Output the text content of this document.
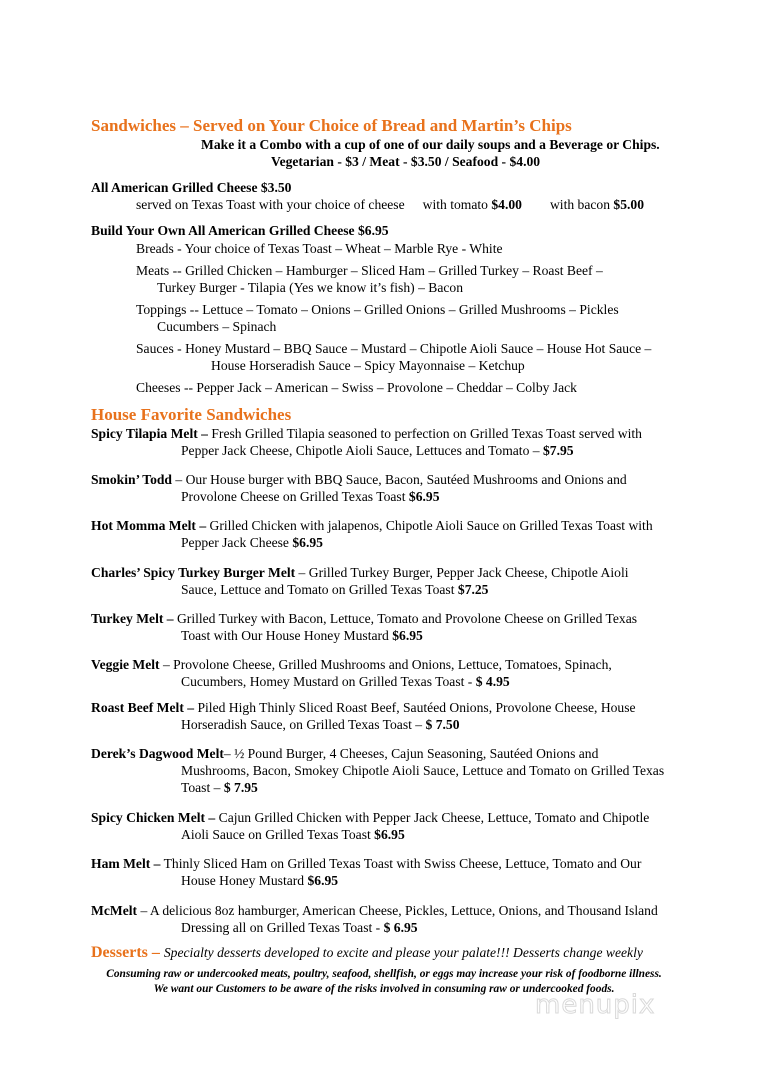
Sandwiches – Served on Your Choice of Bread and Martin’s Chips
Make it a Combo with a cup of one of our daily soups and a Beverage or Chips.
Vegetarian - $3 / Meat - $3.50 / Seafood - $4.00
All American Grilled Cheese $3.50
served on Texas Toast with your choice of cheese with tomato $4.00 with bacon $5.00
Build Your Own All American Grilled Cheese $6.95
Breads - Your choice of Texas Toast – Wheat – Marble Rye - White
Meats -- Grilled Chicken – Hamburger – Sliced Ham – Grilled Turkey – Roast Beef –
Turkey Burger - Tilapia (Yes we know it’s fish) – Bacon
Toppings -- Lettuce – Tomato – Onions – Grilled Onions – Grilled Mushrooms – Pickles
Cucumbers – Spinach
Sauces - Honey Mustard – BBQ Sauce – Mustard – Chipotle Aioli Sauce – House Hot Sauce –
House Horseradish Sauce – Spicy Mayonnaise – Ketchup
Cheeses -- Pepper Jack – American – Swiss – Provolone – Cheddar – Colby Jack
House Favorite Sandwiches
Spicy Tilapia Melt – Fresh Grilled Tilapia seasoned to perfection on Grilled Texas Toast served with
Pepper Jack Cheese, Chipotle Aioli Sauce, Lettuces and Tomato – $7.95
Smokin’ Todd – Our House burger with BBQ Sauce, Bacon, Sautéed Mushrooms and Onions and
Provolone Cheese on Grilled Texas Toast $6.95
Hot Momma Melt – Grilled Chicken with jalapenos, Chipotle Aioli Sauce on Grilled Texas Toast with
Pepper Jack Cheese $6.95
Charles’ Spicy Turkey Burger Melt – Grilled Turkey Burger, Pepper Jack Cheese, Chipotle Aioli
Sauce, Lettuce and Tomato on Grilled Texas Toast $7.25
Turkey Melt – Grilled Turkey with Bacon, Lettuce, Tomato and Provolone Cheese on Grilled Texas
Toast with Our House Honey Mustard $6.95
Veggie Melt – Provolone Cheese, Grilled Mushrooms and Onions, Lettuce, Tomatoes, Spinach,
Cucumbers, Homey Mustard on Grilled Texas Toast - $ 4.95
Roast Beef Melt – Piled High Thinly Sliced Roast Beef, Sautéed Onions, Provolone Cheese, House
Horseradish Sauce, on Grilled Texas Toast – $ 7.50
Derek’s Dagwood Melt– ½ Pound Burger, 4 Cheeses, Cajun Seasoning, Sautéed Onions and
Mushrooms, Bacon, Smokey Chipotle Aioli Sauce, Lettuce and Tomato on Grilled Texas
Toast – $ 7.95
Spicy Chicken Melt – Cajun Grilled Chicken with Pepper Jack Cheese, Lettuce, Tomato and Chipotle
Aioli Sauce on Grilled Texas Toast $6.95
Ham Melt – Thinly Sliced Ham on Grilled Texas Toast with Swiss Cheese, Lettuce, Tomato and Our
House Honey Mustard $6.95
McMelt – A delicious 8oz hamburger, American Cheese, Pickles, Lettuce, Onions, and Thousand Island
Dressing all on Grilled Texas Toast - $ 6.95
Desserts – Specialty desserts developed to excite and please your palate!!! Desserts change weekly
Consuming raw or undercooked meats, poultry, seafood, shellfish, or eggs may increase your risk of foodborne illness.
We want our Customers to be aware of the risks involved in consuming raw or undercooked foods.
menupix
